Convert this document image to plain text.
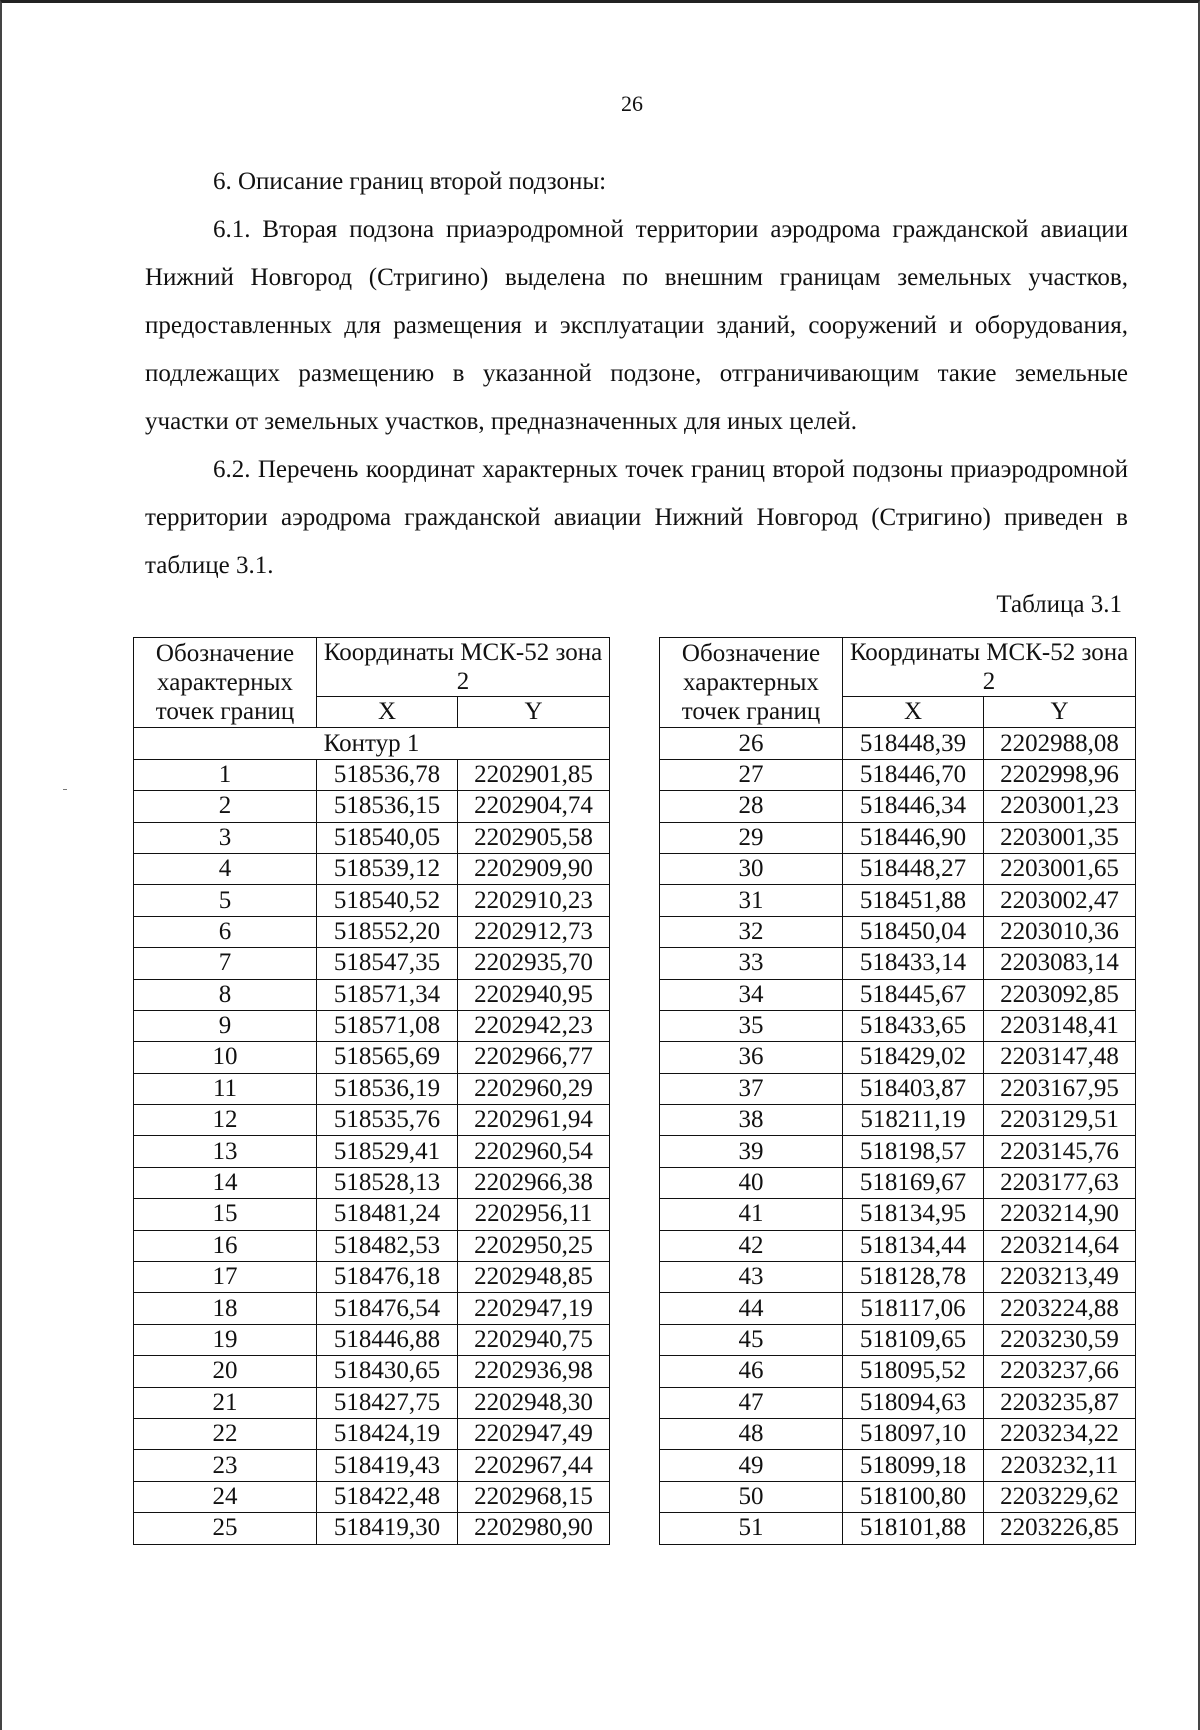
26

6. Описание границ второй подзоны:

6.1. Вторая подзона приаэродромной территории аэродрома гражданской авиации Нижний Новгород (Стригино) выделена по внешним границам земельных участков, предоставленных для размещения и эксплуатации зданий, сооружений и оборудования, подлежащих размещению в указанной подзоне, отграничивающим такие земельные участки от земельных участков, предназначенных для иных целей.

6.2. Перечень координат характерных точек границ второй подзоны приаэродромной территории аэродрома гражданской авиации Нижний Новгород (Стригино) приведен в таблице 3.1.

Таблица 3.1
Обозначение характерных точек границ	Координаты МСК-52 зона 2	

	X	Y
Контур 1		
1	518536,78	2202901,85
2	518536,15	2202904,74
3	518540,05	2202905,58
4	518539,12	2202909,90
5	518540,52	2202910,23
6	518552,20	2202912,73
7	518547,35	2202935,70
8	518571,34	2202940,95
9	518571,08	2202942,23
10	518565,69	2202966,77
11	518536,19	2202960,29
12	518535,76	2202961,94
13	518529,41	2202960,54
14	518528,13	2202966,38
15	518481,24	2202956,11
16	518482,53	2202950,25
17	518476,18	2202948,85
18	518476,54	2202947,19
19	518446,88	2202940,75
20	518430,65	2202936,98
21	518427,75	2202948,30
22	518424,19	2202947,49
23	518419,43	2202967,44
24	518422,48	2202968,15
25	518419,30	2202980,90
Обозначение характерных точек границ	Координаты МСК-52 зона 2	

	X	Y
26	518448,39	2202988,08
27	518446,70	2202998,96
28	518446,34	2203001,23
29	518446,90	2203001,35
30	518448,27	2203001,65
31	518451,88	2203002,47
32	518450,04	2203010,36
33	518433,14	2203083,14
34	518445,67	2203092,85
35	518433,65	2203148,41
36	518429,02	2203147,48
37	518403,87	2203167,95
38	518211,19	2203129,51
39	518198,57	2203145,76
40	518169,67	2203177,63
41	518134,95	2203214,90
42	518134,44	2203214,64
43	518128,78	2203213,49
44	518117,06	2203224,88
45	518109,65	2203230,59
46	518095,52	2203237,66
47	518094,63	2203235,87
48	518097,10	2203234,22
49	518099,18	2203232,11
50	518100,80	2203229,62
51	518101,88	2203226,85
